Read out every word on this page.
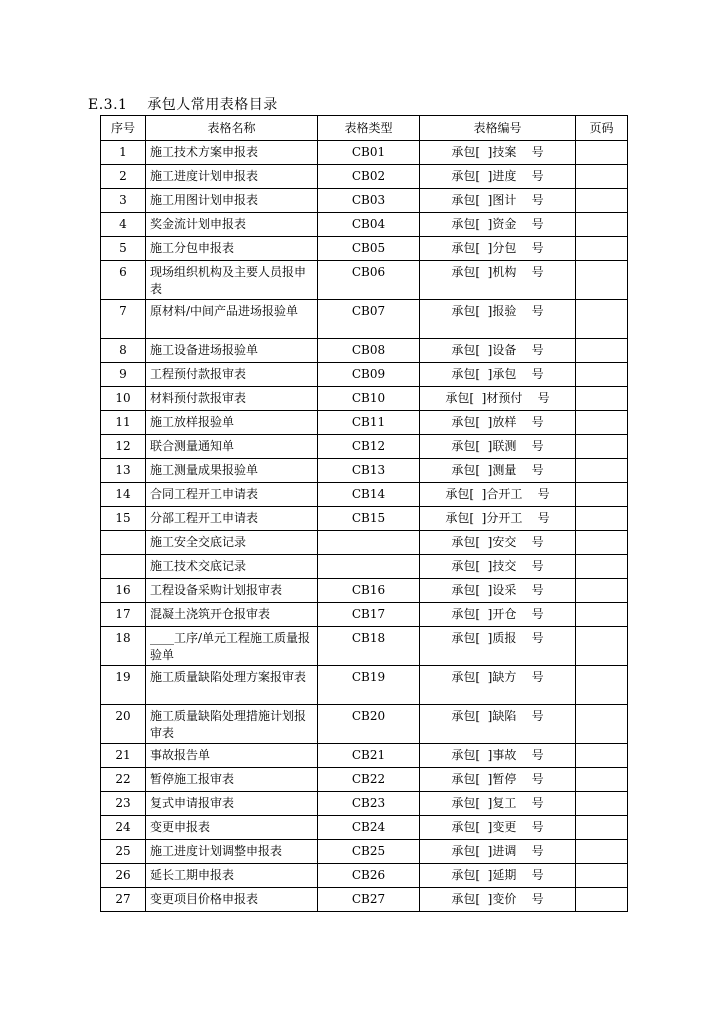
E.3.1    承包人常用表格目录
序号	表格名称	表格类型	表格编号	页码
1	施工技术方案申报表	CB01	承包[  ]技案    号	
2	施工进度计划申报表	CB02	承包[  ]进度    号	
3	施工用图计划申报表	CB03	承包[  ]图计    号	
4	奖金流计划申报表	CB04	承包[  ]资金    号	
5	施工分包申报表	CB05	承包[  ]分包    号	
6	现场组织机构及主要人员报申表	CB06	承包[  ]机构    号	
7	原材料/中间产品进场报验单	CB07	承包[  ]报验    号	
8	施工设备进场报验单	CB08	承包[  ]设备    号	
9	工程预付款报审表	CB09	承包[  ]承包    号	
10	材料预付款报审表	CB10	承包[  ]材预付    号	
11	施工放样报验单	CB11	承包[  ]放样    号	
12	联合测量通知单	CB12	承包[  ]联测    号	
13	施工测量成果报验单	CB13	承包[  ]测量    号	
14	合同工程开工申请表	CB14	承包[  ]合开工    号	
15	分部工程开工申请表	CB15	承包[  ]分开工    号	
	施工安全交底记录		承包[  ]安交    号	
	施工技术交底记录		承包[  ]技交    号	
16	工程设备采购计划报审表	CB16	承包[  ]设采    号	
17	混凝土浇筑开仓报审表	CB17	承包[  ]开仓    号	
18	____工序/单元工程施工质量报验单	CB18	承包[  ]质报    号	
19	施工质量缺陷处理方案报审表	CB19	承包[  ]缺方    号	
20	施工质量缺陷处理措施计划报审表	CB20	承包[  ]缺陷    号	
21	事故报告单	CB21	承包[  ]事故    号	
22	暂停施工报审表	CB22	承包[  ]暂停    号	
23	复式申请报审表	CB23	承包[  ]复工    号	
24	变更申报表	CB24	承包[  ]变更    号	
25	施工进度计划调整申报表	CB25	承包[  ]进调    号	
26	延长工期申报表	CB26	承包[  ]延期    号	
27	变更项目价格申报表	CB27	承包[  ]变价    号	
